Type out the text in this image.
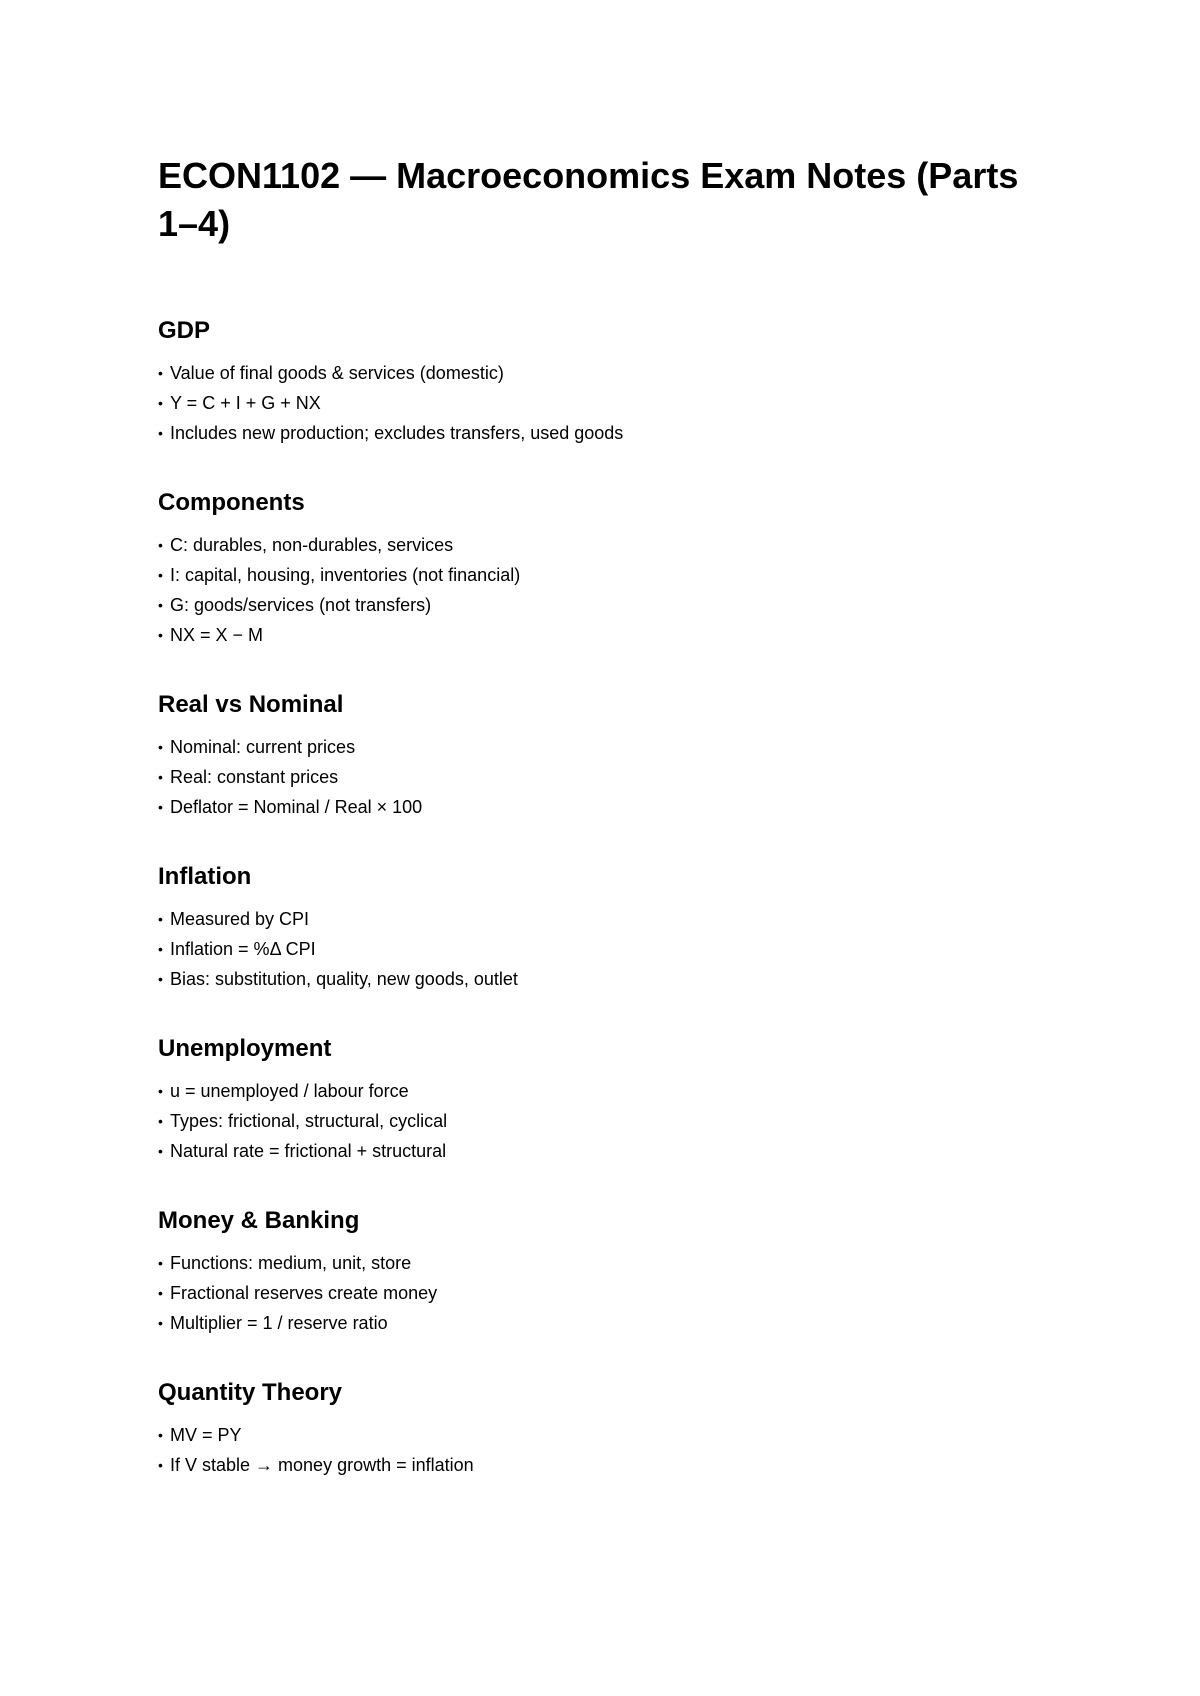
ECON1102 — Macroeconomics Exam Notes (Parts 1–4)
GDP
• Value of final goods & services (domestic)
• Y = C + I + G + NX
• Includes new production; excludes transfers, used goods
Components
• C: durables, non-durables, services
• I: capital, housing, inventories (not financial)
• G: goods/services (not transfers)
• NX = X − M
Real vs Nominal
• Nominal: current prices
• Real: constant prices
• Deflator = Nominal / Real × 100
Inflation
• Measured by CPI
• Inflation = %Δ CPI
• Bias: substitution, quality, new goods, outlet
Unemployment
• u = unemployed / labour force
• Types: frictional, structural, cyclical
• Natural rate = frictional + structural
Money & Banking
• Functions: medium, unit, store
• Fractional reserves create money
• Multiplier = 1 / reserve ratio
Quantity Theory
• MV = PY
• If V stable → money growth = inflation
